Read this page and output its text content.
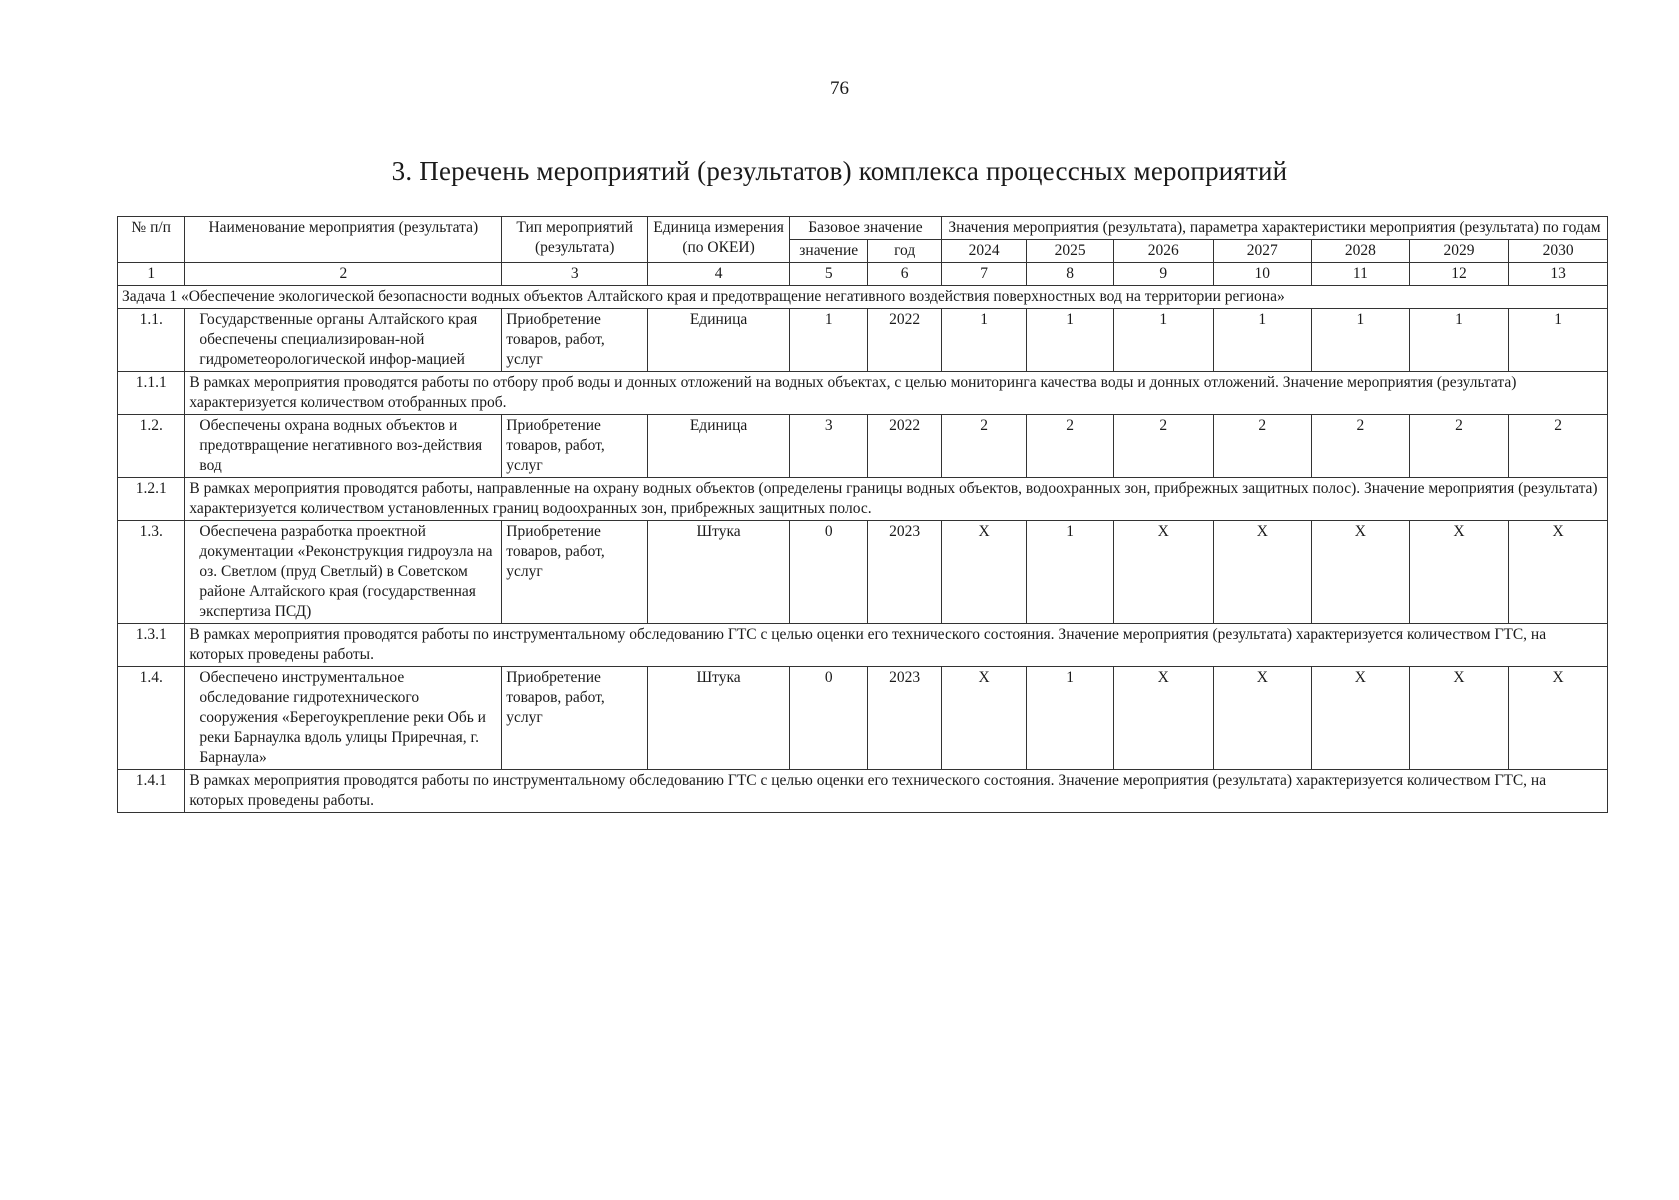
76
3. Перечень мероприятий (результатов) комплекса процессных мероприятий
№ п/п	Наименование мероприятия (результата)	Тип мероприятий (результата)	Единица измерения (по ОКЕИ)	Базовое значение		Значения мероприятия (результата), параметра характеристики мероприятия (результата) по годам						
				значение	год	2024	2025	2026	2027	2028	2029	2030
1	2	3	4	5	6	7	8	9	10	11	12	13
Задача 1 «Обеспечение экологической безопасности водных объектов Алтайского края и предотвращение негативного воздействия поверхностных вод на территории региона»												
1.1.	Государственные органы Алтайского края обеспечены специализирован-ной гидрометеорологической инфор-мацией	Приобретение товаров, работ, услуг	Единица	1	2022	1	1	1	1	1	1	1
1.1.1	В рамках мероприятия проводятся работы по отбору проб воды и донных отложений на водных объектах, с целью мониторинга качества воды и донных отложений. Значение мероприятия (результата) характеризуется количеством отобранных проб.											
1.2.	Обеспечены охрана водных объектов и предотвращение негативного воз-действия вод	Приобретение товаров, работ, услуг	Единица	3	2022	2	2	2	2	2	2	2
1.2.1	В рамках мероприятия проводятся работы, направленные на охрану водных объектов (определены границы водных объектов, водоохранных зон, прибрежных защитных полос). Значение мероприятия (результата) характеризуется количеством установленных границ водоохранных зон, прибрежных защитных полос.											
1.3.	Обеспечена разработка проектной документации «Реконструкция гидроузла на оз. Светлом (пруд Светлый) в Советском районе Алтайского края (государственная экспертиза ПСД)	Приобретение товаров, работ, услуг	Штука	0	2023	Х	1	Х	Х	Х	Х	Х
1.3.1	В рамках мероприятия проводятся работы по инструментальному обследованию ГТС с целью оценки его технического состояния. Значение мероприятия (результата) характеризуется количеством ГТС, на которых проведены работы.											
1.4.	Обеспечено инструментальное обследование гидротехнического сооружения «Берегоукрепление реки Обь и реки Барнаулка вдоль улицы Приречная, г. Барнаула»	Приобретение товаров, работ, услуг	Штука	0	2023	Х	1	Х	Х	Х	Х	Х
1.4.1	В рамках мероприятия проводятся работы по инструментальному обследованию ГТС с целью оценки его технического состояния. Значение мероприятия (результата) характеризуется количеством ГТС, на которых проведены работы.											
